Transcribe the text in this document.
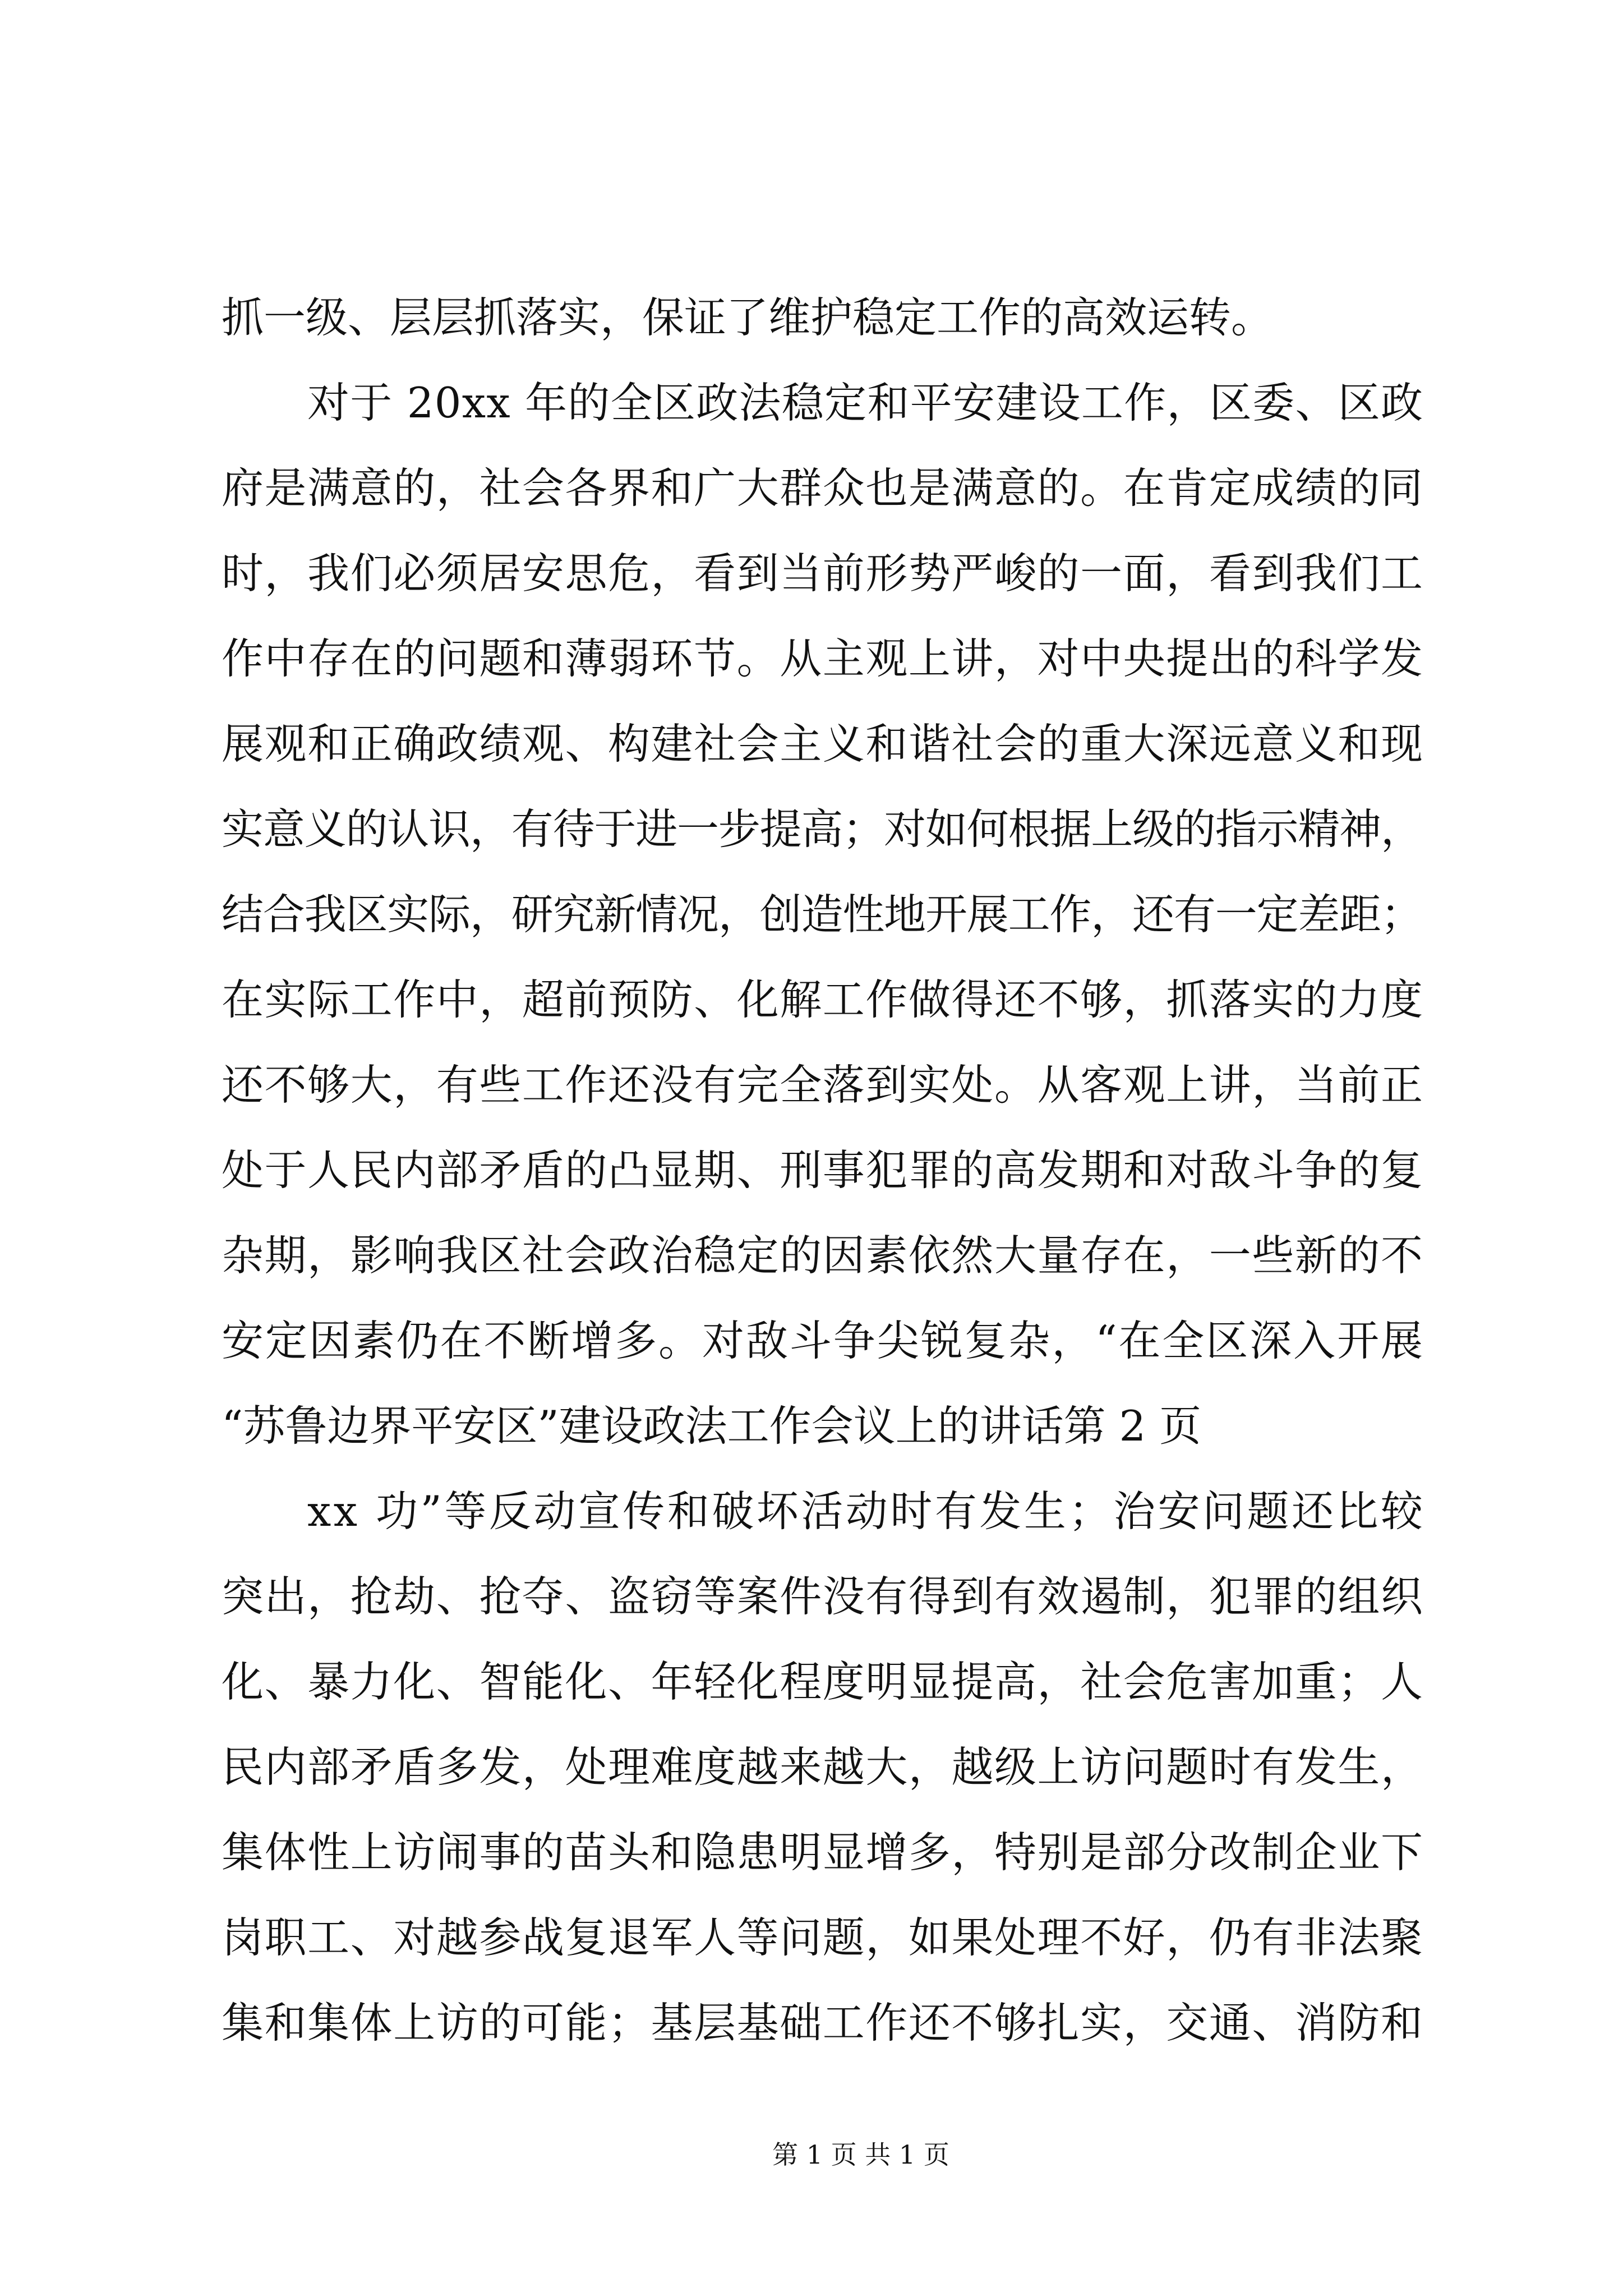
抓一级、层层抓落实，保证了维护稳定工作的高效运转。
对于 20xx 年的全区政法稳定和平安建设工作，区委、区政
府是满意的，社会各界和广大群众也是满意的。在肯定成绩的同
时，我们必须居安思危，看到当前形势严峻的一面，看到我们工
作中存在的问题和薄弱环节。从主观上讲，对中央提出的科学发
展观和正确政绩观、构建社会主义和谐社会的重大深远意义和现
实意义的认识，有待于进一步提高；对如何根据上级的指示精神，
结合我区实际，研究新情况，创造性地开展工作，还有一定差距；
在实际工作中，超前预防、化解工作做得还不够，抓落实的力度
还不够大，有些工作还没有完全落到实处。从客观上讲，当前正
处于人民内部矛盾的凸显期、刑事犯罪的高发期和对敌斗争的复
杂期，影响我区社会政治稳定的因素依然大量存在，一些新的不
安定因素仍在不断增多。对敌斗争尖锐复杂，“在全区深入开展
“苏鲁边界平安区”建设政法工作会议上的讲话第 2 页
xx 功”等反动宣传和破坏活动时有发生；治安问题还比较
突出，抢劫、抢夺、盗窃等案件没有得到有效遏制，犯罪的组织
化、暴力化、智能化、年轻化程度明显提高，社会危害加重；人
民内部矛盾多发，处理难度越来越大，越级上访问题时有发生，
集体性上访闹事的苗头和隐患明显增多，特别是部分改制企业下
岗职工、对越参战复退军人等问题，如果处理不好，仍有非法聚
集和集体上访的可能；基层基础工作还不够扎实，交通、消防和
第 1 页 共 1 页
